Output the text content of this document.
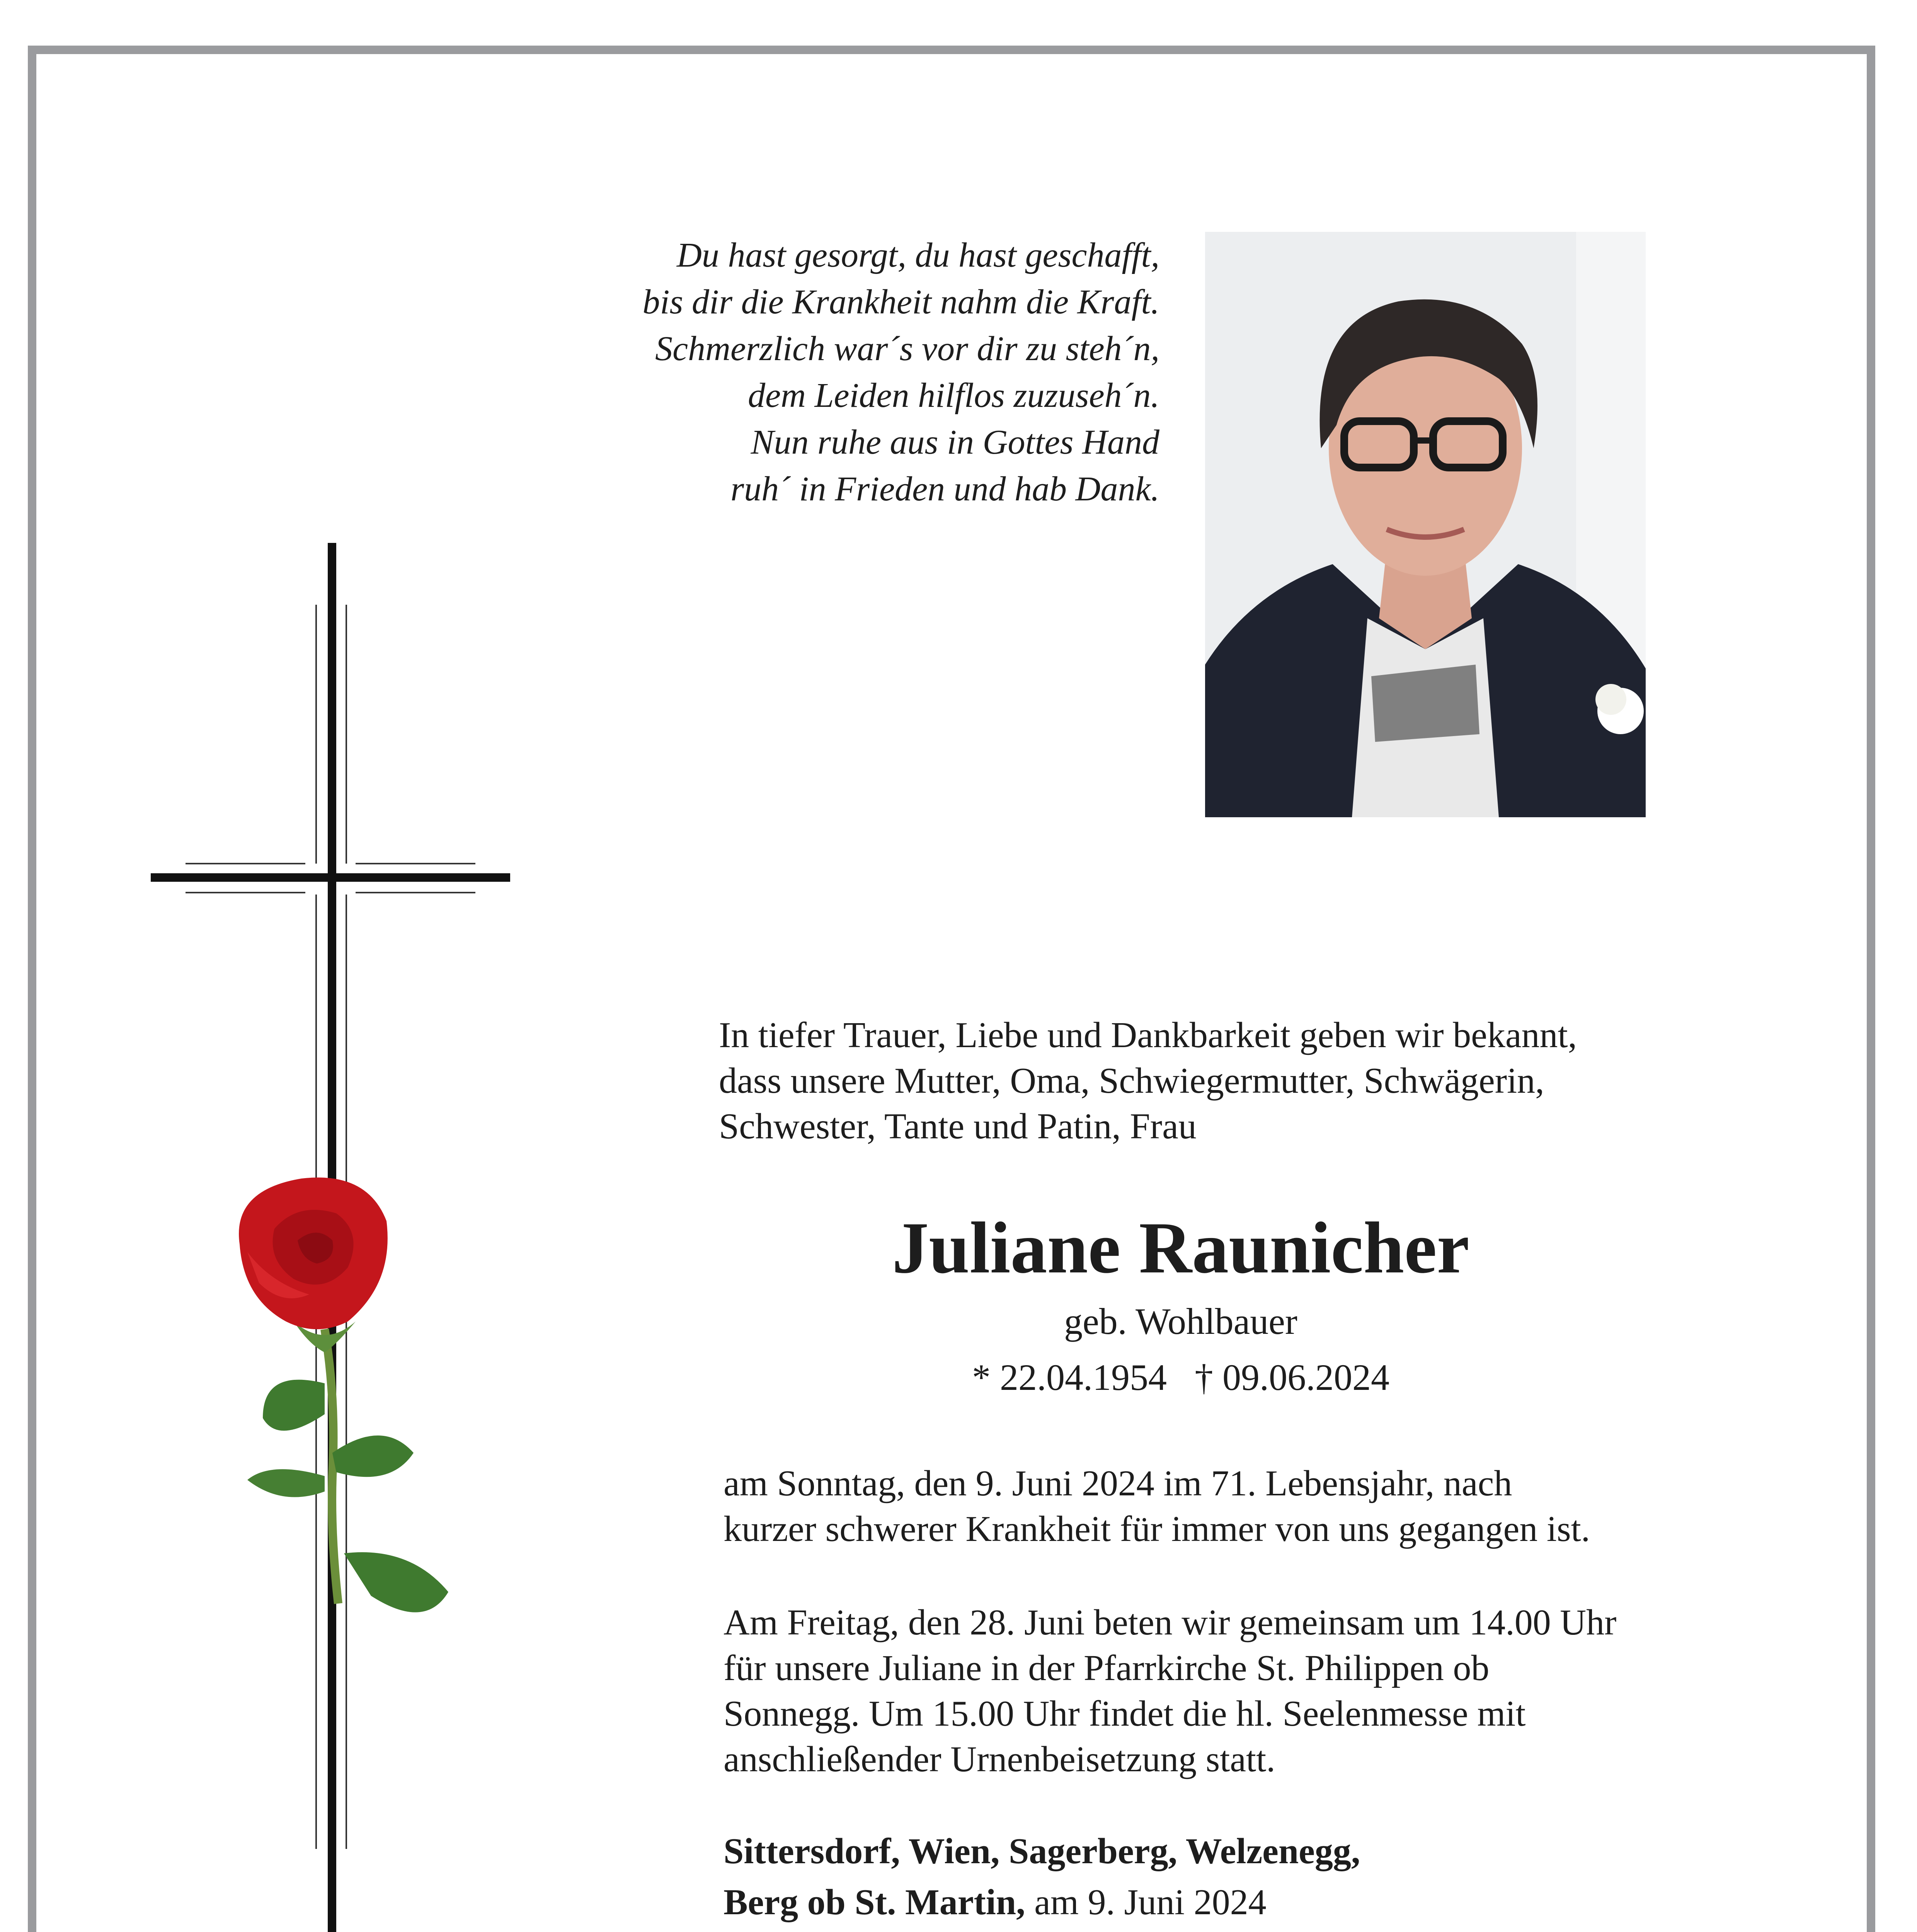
Du hast gesorgt, du hast geschafft,
bis dir die Krankheit nahm die Kraft.
Schmerzlich war´s vor dir zu steh´n,
dem Leiden hilflos zuzuseh´n.
Nun ruhe aus in Gottes Hand
ruh´ in Frieden und hab Dank.
In tiefer Trauer, Liebe und Dankbarkeit geben wir bekannt,
dass unsere Mutter, Oma, Schwiegermutter, Schwägerin,
Schwester, Tante und Patin, Frau
Juliane Raunicher
geb. Wohlbauer
* 22.04.1954   † 09.06.2024
am Sonntag, den 9. Juni 2024 im 71. Lebensjahr, nach
kurzer schwerer Krankheit für immer von uns gegangen ist.
Am Freitag, den 28. Juni beten wir gemeinsam um 14.00 Uhr
für unsere Juliane in der Pfarrkirche St. Philippen ob
Sonnegg. Um 15.00 Uhr findet die hl. Seelenmesse mit
anschließender Urnenbeisetzung statt.
Sittersdorf, Wien, Sagerberg, Welzenegg,
Berg ob St. Martin, am 9. Juni 2024
